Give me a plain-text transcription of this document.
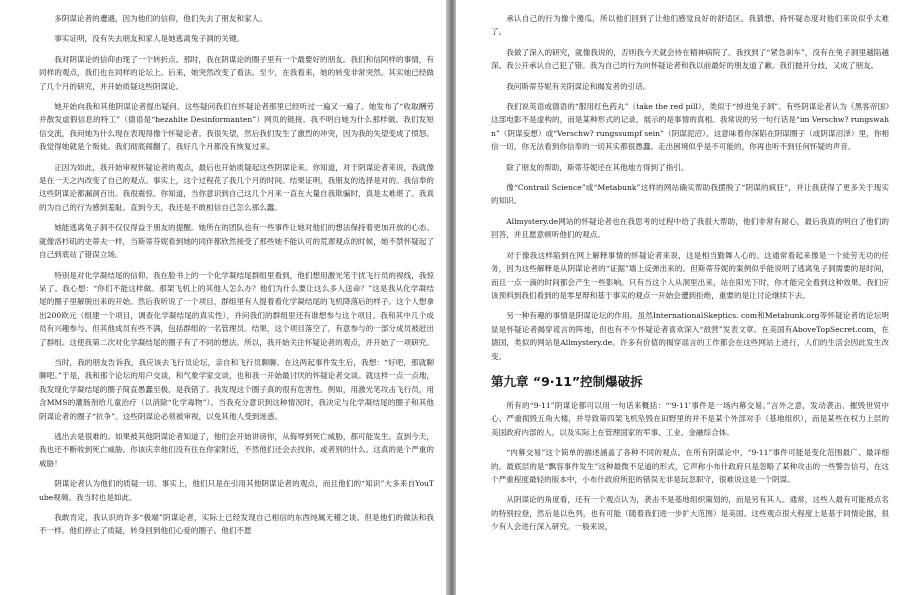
多阴谋论者的遭遇，因为他们的信仰，他们失去了朋友和家人。

事实证明，没有失去朋友和家人是她逃离兔子洞的关键。

我对阴谋论的信仰由现了一个转折点。那时，我在阴谋论的圈子里有一个最要好的朋友。我们和信阿样的事情，有同样的观点，我们也在同样的论坛上。后来，她突然改变了看法。至少，在我看来，她的转变非常突然。其实她已经做了几个月的研究，并开始质疑这些阴谋论。

她开始向我和其他阴谋论者提出疑问。这些疑问我们在怀疑论者那里已经听过一遍又一遍了。她发布了“收取酬劳并散发虚假信息的特工”（德语是“bezahlte Desinformanten”）网页的链接。我不明白她为什么那样做。我们发短信交流，我问她为什么现在表现得像个怀疑论者。我很失望，然后我们发生了激烈的冲突，因为我的失望变成了愤怒。我觉得她就是个叛徒。我们彻底闹翻了，我好几个月都没有恢复过来。

正因为如此，我开始审视怀疑论者的观点，最后也开始质疑起这些阴谋论来。你知道，对于阴谋论者来说，我就像是在一天之内改变了自己的观点。事实上，这个过程花了我几个月的时间。结果证明，我朋友的选择是对的。我信奉的这些阴谋论都漏洞百出。我很震惊。你知道，当你意识到自己这几个月来一直在大量自我欺骗时，真是太难堪了。我真的为自己的行为感到羞耻。直到今天，我还是不敢相信自己怎么那么蠢。

她能逃离兔子洞不仅仅得益于朋友的提醒。她所在的团队也有一些事件让她对他们的想法保持着更加开放的心态。就像洛杉矶的史蒂夫一样，当斯蒂芬妮看到她的同伴都欣然接受了那些她不能认可的荒谬观点的时候，她不禁怀疑起了自己到底站了错误立场。

特别是对化学凝结尾的信仰。我在脸书上的一个化学凝结尾群组里看到，他们想用激光笔干扰飞行员的视线，我惊呆了。我心想：“你们不能这样做。那架飞机上的其他人怎么办？他们为什么要让这么多人送命？”这是我从化学凝结尾的圈子里解脱出来的开始。然后我听说了一个项目，群组里有人提着看化学凝结尾的飞机降落后的样子。这个人想拿出200欧元（组建一个项目，调查化学凝结尾的真实性），并问我们的群组里还有谁想参与这个项目。我和其中几个成员有兴趣参与。但其他成员有些不满，包括群组的一名管理员。结果，这个项目落空了，有意参与的一部分成员被赶出了群组。这使我第二次对化学凝结尾的圈子有了不同的想法。所以，我开始关注怀疑论者的观点，并开始了一项研究。

当时，我的朋友告诉我，我应该去飞行员论坛，亲自和飞行员聊聊。在这两起事件发生后，我想：“好吧，那就聊聊吧。”于是，我和那个论坛的用户交谈，和气象学家交谈，也和我一开始最讨厌的怀疑论者交谈。就这样一点一点地，我发现化学凝结尾的圈子简直愚蠢至极，是我错了。我发现这个圈子真的很有危害性。例如，用激光笔攻击飞行员，用含MMS的灌肠剂给儿童治疗（以消除“化学毒物”）。当我充分意识到这种情况时，我决定与化学凝结尾的圈子和其他阴谋论者的圈子“抗争”。这些阴谋论必须被审视，以免其他人受到迷惑。

逃出去是很难的。如果被其他阴谋论者知道了，他们会开始讲谤你，从侮辱到死亡威胁，都可能发生。直到今天，我也还不断收到死亡威胁。你该庆幸他们没有住在你家附近，不然他们还会去找你，或者别的什么。这真的是个严重的威胁！

阴谋论者认为他们的质疑一切。事实上，他们只是在引用其他阴谋论者的观点，而且他们的“知识”大多来自YouTube视频。我当时也是如此。

我敢肯定，我认识的许多“极端”阴谋论者，实际上已经发现自己相信的东西纯属无稽之谈。但是他们的做法和我不一样。他们停止了质疑，转身回到他们心爱的圈子。他们不愿

承认自己的行为像个傻瓜，所以他们回到了让他们感觉良好的舒适区。我猜想，持怀疑态度对他们来说似乎太难了。

我做了深入的研究，就像我说的，否则我今天就会待在精神病院了。我找到了“紧急刹车”，没有在兔子洞里越陷越深。我公开承认自己犯了错。我为自己的行为向怀疑论者和我以前最好的朋友道了歉。我们抛开分歧，又成了朋友。

我问斯蒂芬妮有关阴谋论和揭发者的引话。

我们说英语或德语的“服用红色药丸”（take the red pill），类似于“掉进兔子洞”。有些阴谋论者认为《黑客帝国》这部电影不是虚构的，而是某种形式的记录，展示的是事情的真相。我常说的另一句行话是“im Verschw? rungswahn”（阴谋妄想）或“Verschw? rungssumpf sein”（阴谋泥沼）。这意味着你深陷在阴谋圈子（或阴谋沼泽）里，你相信一切，你无法看到你信奉的一切其实都很愚蠢。走出困境似乎是不可能的，你再也听不到任何怀疑的声音。

除了朋友的帮助，斯蒂芬妮还在其他地方得到了指引。

像“Contrail Science”或“Metabunk”这样的网站确实帮助我摆脱了“阴谋的疯狂”，并让我获得了更多关于现实的知识。

Allmystery.de网站的怀疑论者也在我思考的过程中给了我很大帮助，他们非常有耐心，最后我真的明白了他们的回答，并且愿意顿听他们的观点。

对于像我这样陷到在网上解释事情的怀疑论者来说，这是相当勤舞人心的。这通常看起来像是一个徒劳无功的任务，因为这些解释是从阴谋论者的“证据”墙上反弹出来的。但斯蒂芬妮的案例似乎能说明了逃离兔子洞需要的是时间，而且一点一滴的时间都会产生一些影响。只有当这个人从洞里出来，站在阳光下时，你才能完全看到这种效果。我们应该预料到我们看到的是零星辩和基于事实的观点一开始会遭到拒绝，重要的是让讨论继续下去。

另一种有趣的事情是阴谋论坛的作用。虽然InternationalSkeptics. com和Metabunk.org等怀疑论者的论坛明显是怀疑论者揭穿谎言的阵地，但也有不少怀疑论者喜欢深入“敌营”发表文章。在美国有AboveTopSecret.com，在德国，类似的网站是Allmystery.de。许多有价值的揭穿谣言的工作都会在这些网站上进行，人们的生活会因此发生改变。

第九章 “9·11”控制爆破拆

所有的“9·11”阴谋论都可以用一句话来概括：“‘9·11’事件是一场内幕交易。”言外之意，发动袭击、摧毁世贸中心、严重损毁五角大楼，并导致第四架飞机坠毁在田野里的并不是某个外部对手（基地组织），而是某些在权力上层的美国政府内部的人，以及实际上在管理国家的军事、工业、金融综合体。

“内幕交易”这个简单的描述涵盖了各种不同的观点。在所有阴谋论中，“9·11”事件可能是变化范围最广、最详细的。最底层的是“飘容事件发生”这种最微不足道的形式，它声称小布什政府只是忽略了某种攻击的一些警告信号，在这个严重程度最轻的版本中，小布什政府所犯的错误无非是玩忽职守，很难说这是一个阴谋。

从阴谋论的角度看，还有一个观点认为，袭击不是基地组织策划的，而是另有其人。通常，这些人最有可能被点名的特别拉登，然后是以色列，也有可能（随着我们进一步扩大范围）是美国。这些观点很大程度上是基于同情论据，很少有人会进行深入研究。一般来说，
